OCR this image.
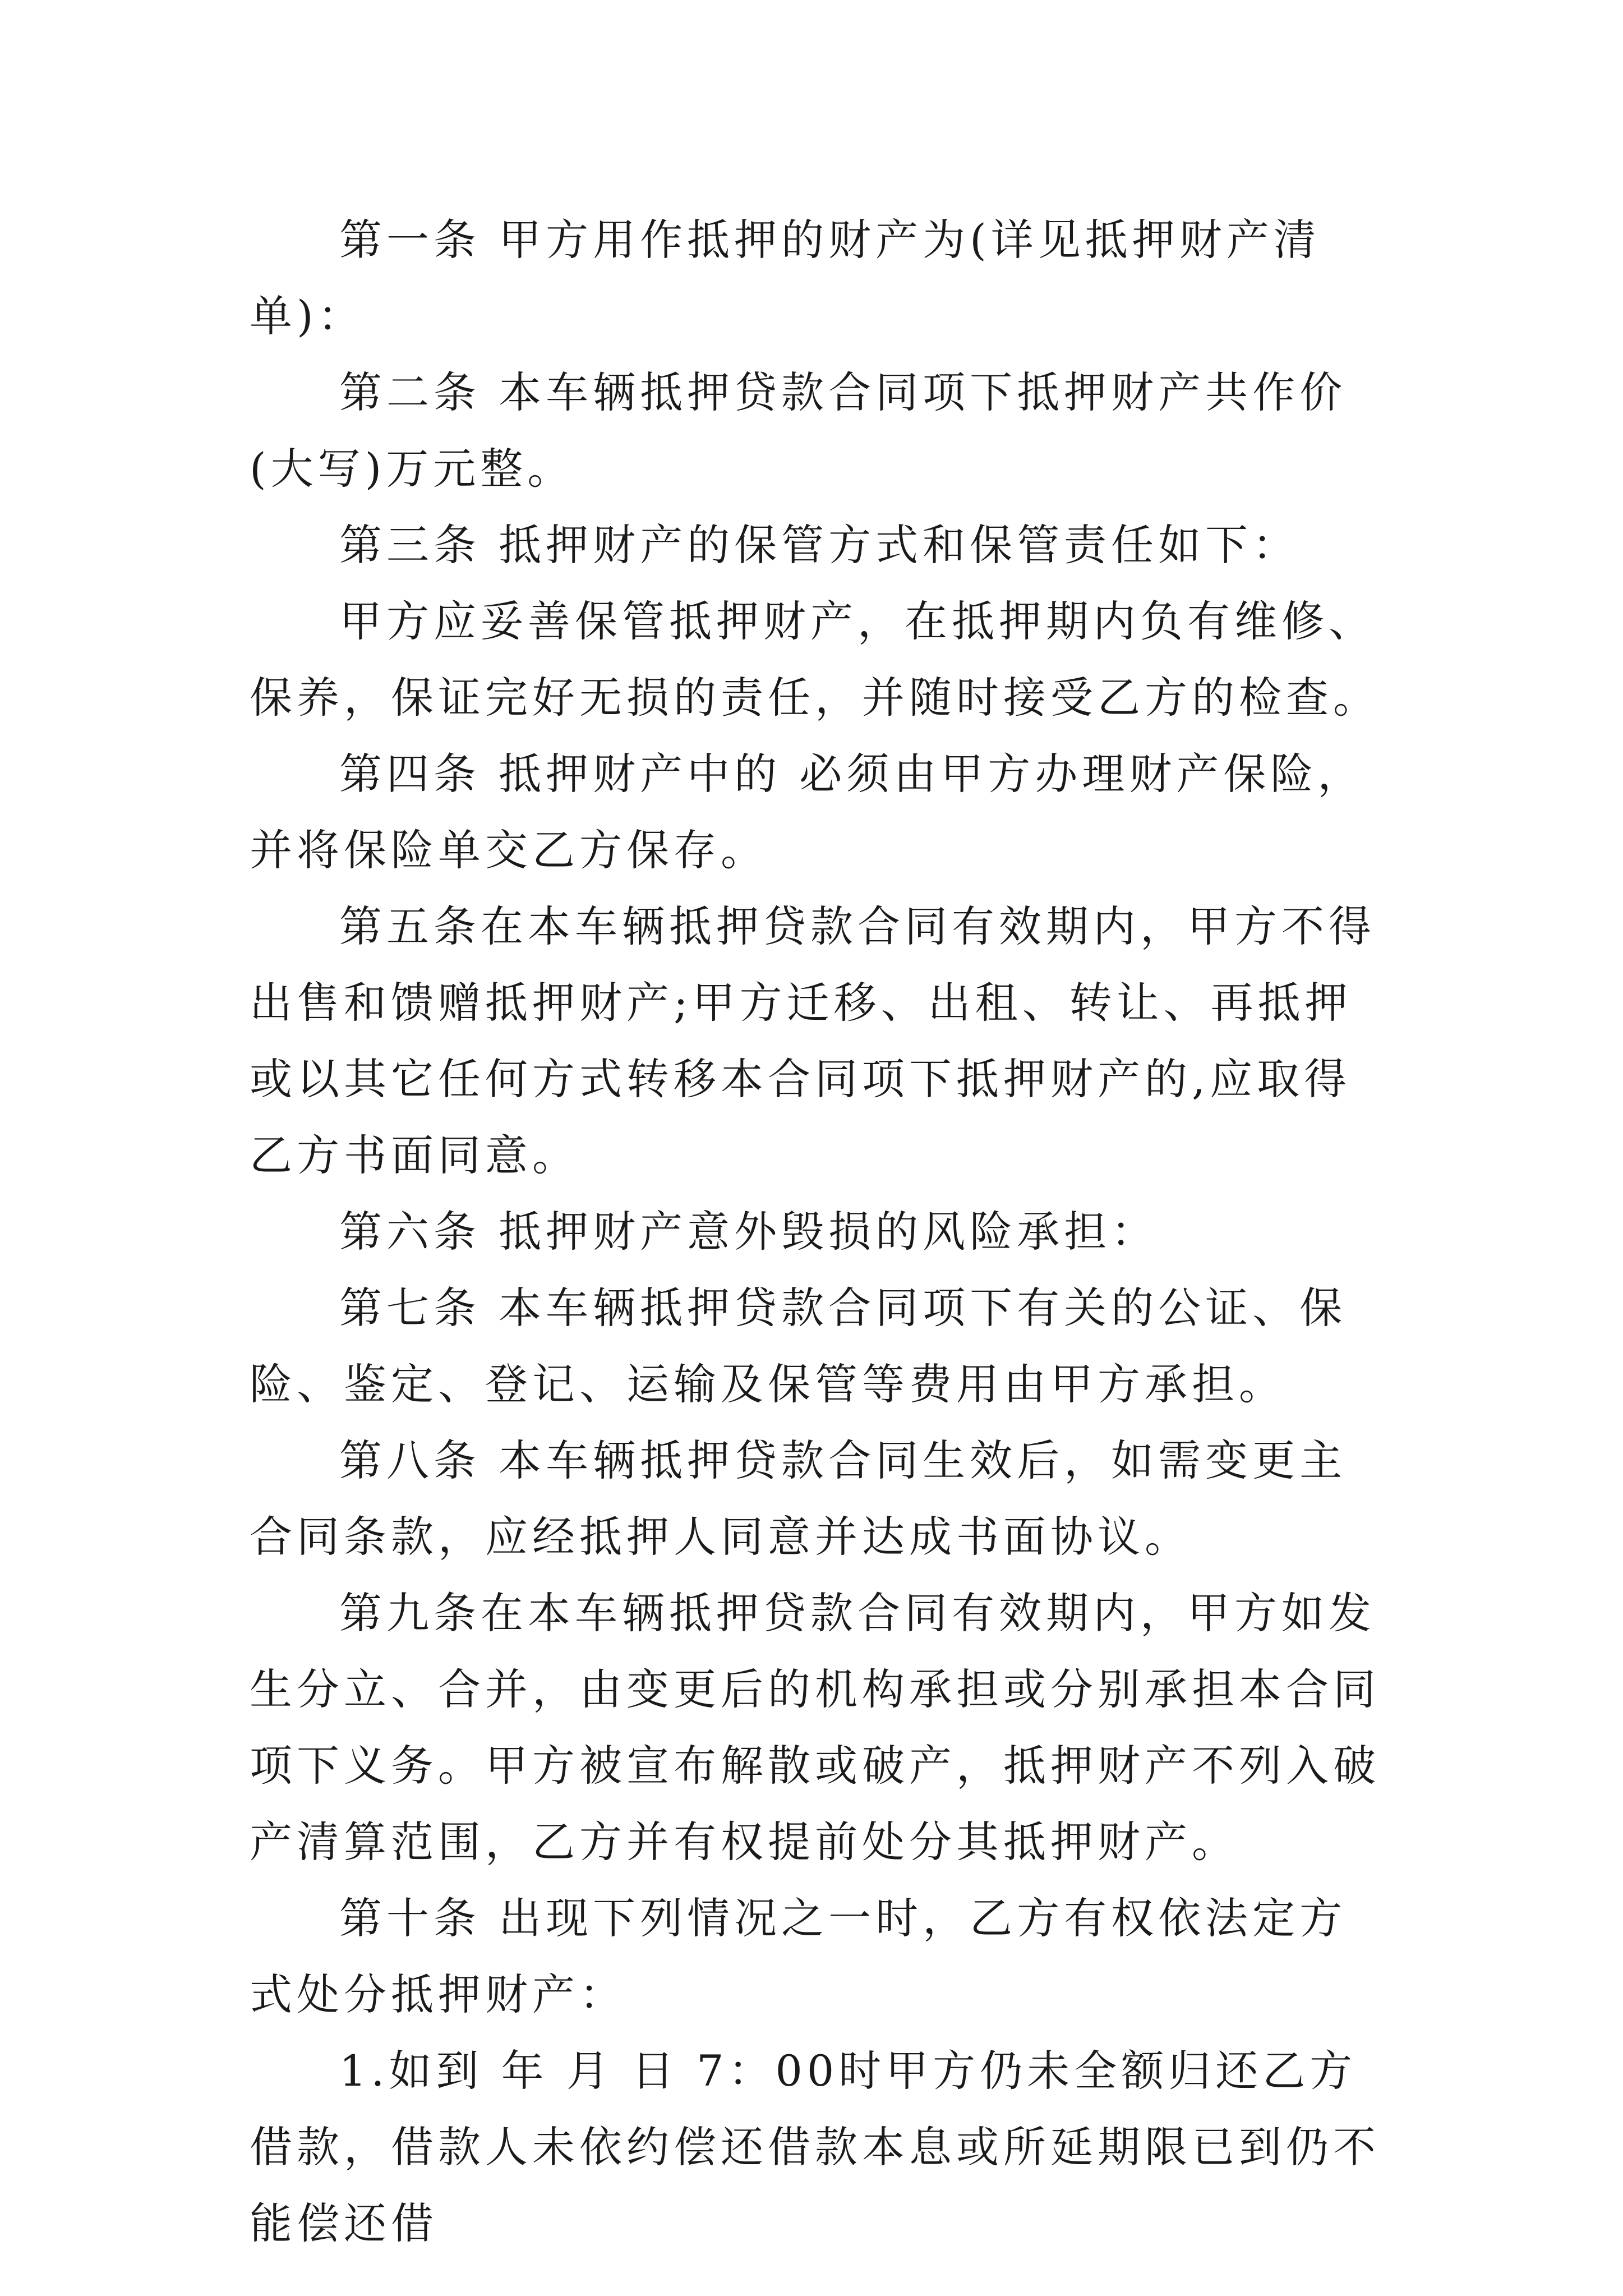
第一条 甲方用作抵押的财产为(详见抵押财产清单)：

第二条 本车辆抵押贷款合同项下抵押财产共作价(大写)万元整。

第三条 抵押财产的保管方式和保管责任如下：

甲方应妥善保管抵押财产，在抵押期内负有维修、保养，保证完好无损的责任，并随时接受乙方的检查。

第四条 抵押财产中的 必须由甲方办理财产保险，并将保险单交乙方保存。

第五条在本车辆抵押贷款合同有效期内，甲方不得出售和馈赠抵押财产;甲方迁移、出租、转让、再抵押或以其它任何方式转移本合同项下抵押财产的,应取得乙方书面同意。

第六条 抵押财产意外毁损的风险承担：

第七条 本车辆抵押贷款合同项下有关的公证、保险、鉴定、登记、运输及保管等费用由甲方承担。

第八条 本车辆抵押贷款合同生效后，如需变更主合同条款，应经抵押人同意并达成书面协议。

第九条在本车辆抵押贷款合同有效期内，甲方如发生分立、合并，由变更后的机构承担或分别承担本合同项下义务。甲方被宣布解散或破产，抵押财产不列入破产清算范围，乙方并有权提前处分其抵押财产。

第十条 出现下列情况之一时，乙方有权依法定方式处分抵押财产：

1.如到 年 月 日 7：00时甲方仍未全额归还乙方借款，借款人未依约偿还借款本息或所延期限已到仍不能偿还借
